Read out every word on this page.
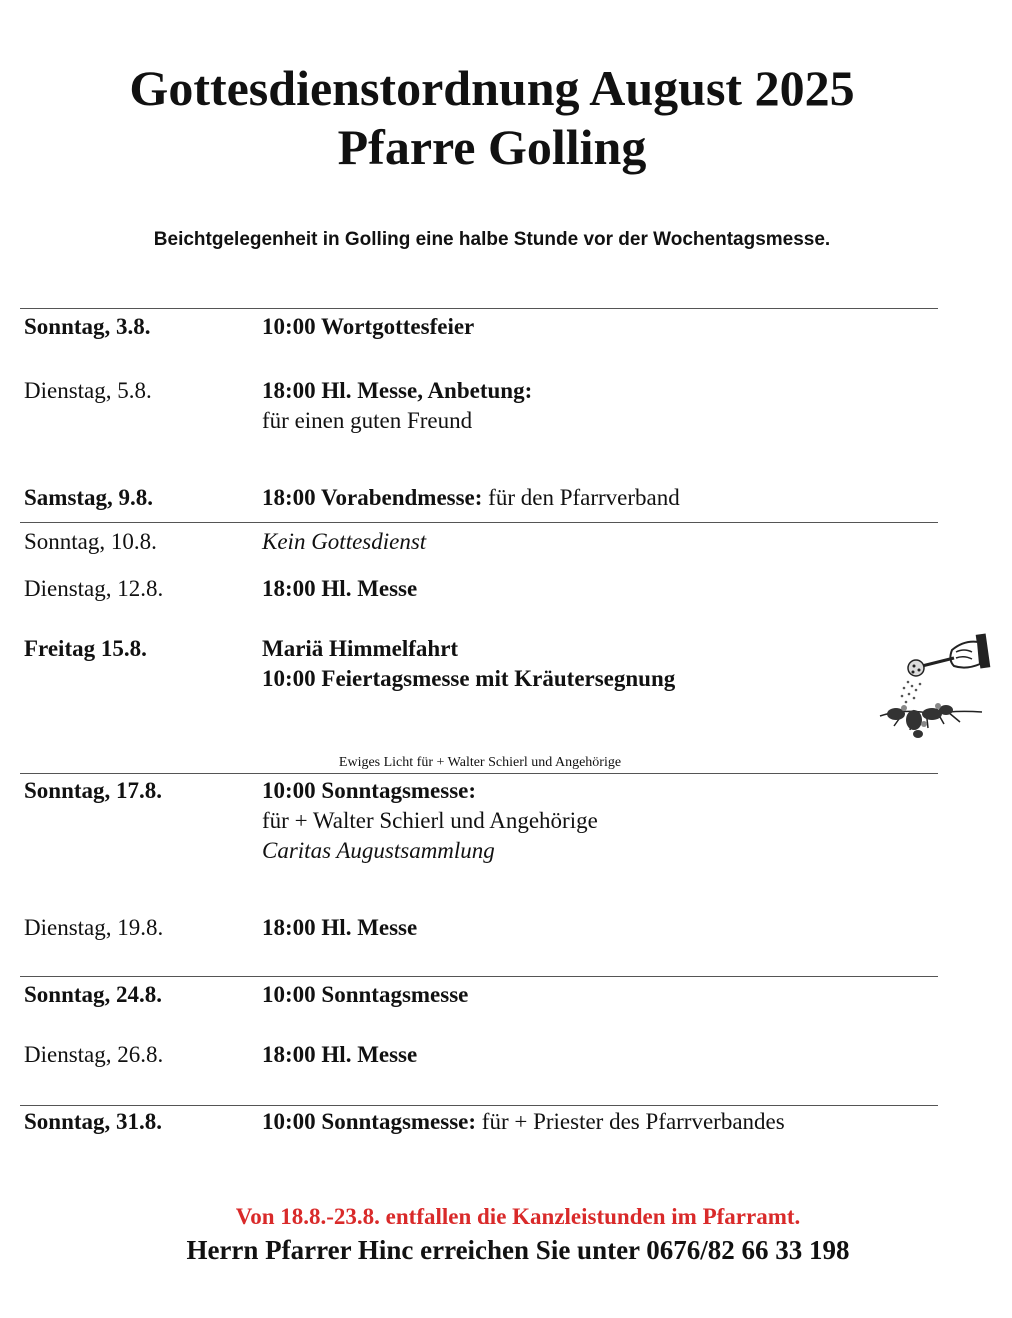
Gottesdienstordnung August 2025
Pfarre Golling
Beichtgelegenheit in Golling eine halbe Stunde vor der Wochentagsmesse.
Sonntag, 3.8.	10:00 Wortgottesfeier
Dienstag, 5.8.	18:00 Hl. Messe, Anbetung:
für einen guten Freund
Samstag, 9.8.	18:00 Vorabendmesse: für den Pfarrverband
Sonntag, 10.8.	Kein Gottesdienst
Dienstag, 12.8.	18:00 Hl. Messe
Freitag 15.8.	Mariä Himmelfahrt
10:00 Feiertagsmesse mit Kräutersegnung
Ewiges Licht für + Walter Schierl und Angehörige
Sonntag, 17.8.	10:00 Sonntagsmesse:
für + Walter Schierl und Angehörige
Caritas Augustsammlung
Dienstag, 19.8.	18:00 Hl. Messe
Sonntag, 24.8.	10:00 Sonntagsmesse
Dienstag, 26.8.	18:00 Hl. Messe
Sonntag, 31.8.	10:00 Sonntagsmesse: für + Priester des Pfarrverbandes
Von 18.8.-23.8. entfallen die Kanzleistunden im Pfarramt.
Herrn Pfarrer Hinc erreichen Sie unter 0676/82 66 33 198
